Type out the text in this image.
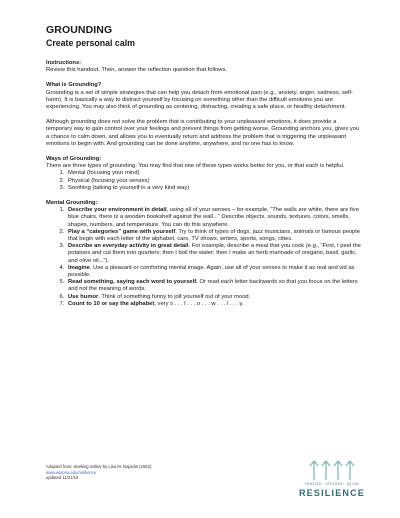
GROUNDING
Create personal calm

Instructions:

Review this handout. Then, answer the reflection question that follows.

What is Grounding?

Grounding is a set of simple strategies that can help you detach from emotional pain (e.g., anxiety, anger, sadness, self-harm). It is basically a way to distract yourself by focusing on something other than the difficult emotions you are experiencing. You may also think of grounding as centering, distracting, creating a safe place, or healthy detachment.

Although grounding does not solve the problem that is contributing to your unpleasant emotions, it does provide a temporary way to gain control over your feelings and prevent things from getting worse. Grounding anchors you, gives you a chance to calm down, and allows you to eventually return and address the problem that is triggering the unpleasant emotions to begin with. And grounding can be done anytime, anywhere, and no one has to know.

Ways of Grounding:

There are three types of grounding. You may find that one of these types works better for you, or that each is helpful.

1. Mental (focusing your mind)
2. Physical (focusing your senses)
3. Soothing (talking to yourself in a very kind way)

Mental Grounding:

1. Describe your environment in detail, using all of your senses – for example, “The walls are white, there are five blue chairs, there is a wooden bookshelf against the wall...” Describe objects, sounds, textures, colors, smells, shapes, numbers, and temperature. You can do this anywhere.
2. Play a “categories” game with yourself. Try to think of types of dogs, jazz musicians, animals or famous people that begin with each letter of the alphabet, cars, TV shows, writers, sports, songs, cities.
3. Describe an everyday activity in great detail. For example, describe a meal that you cook (e.g., “First, I peel the potatoes and cut them into quarters; then I boil the water; then I make an herb marinade of oregano, basil, garlic, and olive oil...”).
4. Imagine. Use a pleasant or comforting mental image. Again, use all of your senses to make it as real and vid as possible.
5. Read something, saying each word to yourself. Or read each letter backwards so that you focus on the letters and not the meaning of words.
6. Use humor. Think of something funny to jolt yourself out of your mood.
7. Count to 10 or say the alphabet, very s . . . l . . . o . . . w . . . l . . . y.
Adapted from: Seeking Safety by Lisa M. Najavits (2002).
www.winona.edu/resilience
updated 11/21/16
realize. choose. grow
RESILIENCE
